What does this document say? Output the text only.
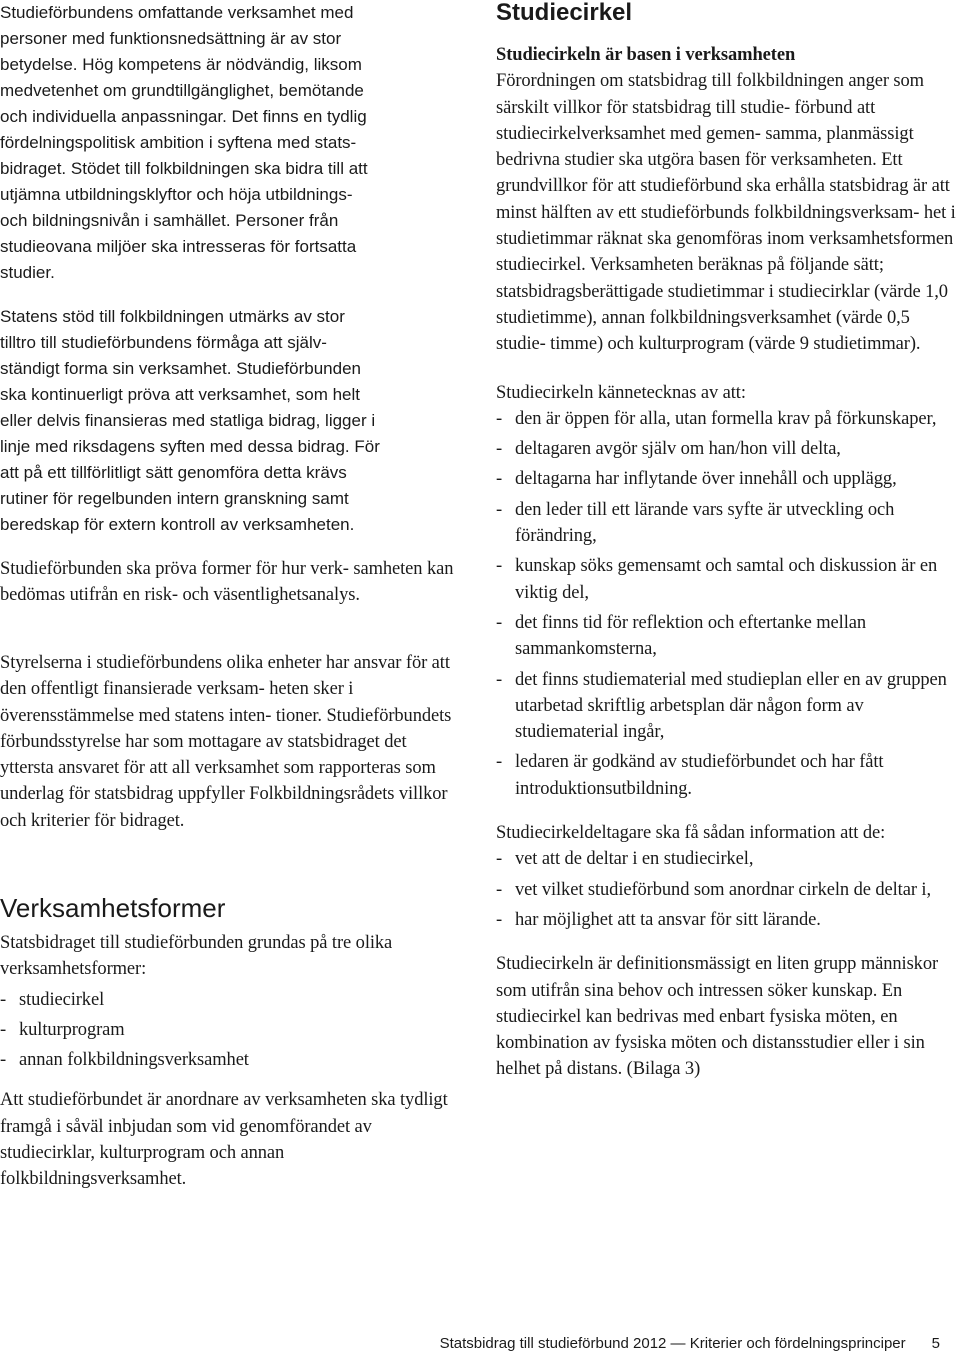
Studieförbundens omfattande verksamhet med
personer med funktionsnedsättning är av stor
betydelse. Hög kompetens är nödvändig, liksom
medvetenhet om grundtillgänglighet, bemötande
och individuella anpassningar. Det finns en tydlig
fördelningspolitisk ambition i syftena med stats-
bidraget. Stödet till folkbildningen ska bidra till att
utjämna utbildningsklyftor och höja utbildnings-
och bildningsnivån i samhället. Personer från
studieovana miljöer ska intresseras för fortsatta
studier.

Statens stöd till folkbildningen utmärks av stor
tilltro till studieförbundens förmåga att själv-
ständigt forma sin verksamhet. Studieförbunden
ska kontinuerligt pröva att verksamhet, som helt
eller delvis finansieras med statliga bidrag, ligger i
linje med riksdagens syften med dessa bidrag. För
att på ett tillförlitligt sätt genomföra detta krävs
rutiner för regelbunden intern granskning samt
beredskap för extern kontroll av verksamheten.

Studieförbunden ska pröva former för hur verk- samheten kan bedömas utifrån en risk- och väsentlighetsanalys.

Styrelserna i studieförbundens olika enheter har ansvar för att den offentligt finansierade verksam- heten sker i överensstämmelse med statens inten- tioner. Studieförbundets förbundsstyrelse har som mottagare av statsbidraget det yttersta ansvaret för att all verksamhet som rapporteras som underlag för statsbidrag uppfyller Folkbildningsrådets villkor och kriterier för bidraget.

Verksamhetsformer

Statsbidraget till studieförbunden grundas på tre olika verksamhetsformer:

- studiecirkel
- kulturprogram
- annan folkbildningsverksamhet

Att studieförbundet är anordnare av verksamheten ska tydligt framgå i såväl inbjudan som vid genomförandet av studiecirklar, kulturprogram och annan folkbildningsverksamhet.

Studiecirkel

Studiecirkeln är basen i verksamheten

Förordningen om statsbidrag till folkbildningen anger som särskilt villkor för statsbidrag till studie- förbund att studiecirkelverksamhet med gemen- samma, planmässigt bedrivna studier ska utgöra basen för verksamheten. Ett grundvillkor för att studieförbund ska erhålla statsbidrag är att minst hälften av ett studieförbunds folkbildningsverksam- het i studietimmar räknat ska genomföras inom verksamhetsformen studiecirkel. Verksamheten beräknas på följande sätt; statsbidragsberättigade studietimmar i studiecirklar (värde 1,0 studietimme), annan folkbildningsverksamhet (värde 0,5 studie- timme) och kulturprogram (värde 9 studietimmar).

Studiecirkeln kännetecknas av att:

- den är öppen för alla, utan formella krav på förkunskaper,
- deltagaren avgör själv om han/hon vill delta,
- deltagarna har inflytande över innehåll och upplägg,
- den leder till ett lärande vars syfte är utveckling och förändring,
- kunskap söks gemensamt och samtal och diskussion är en viktig del,
- det finns tid för reflektion och eftertanke mellan sammankomsterna,
- det finns studiematerial med studieplan eller en av gruppen utarbetad skriftlig arbetsplan där någon form av studiematerial ingår,
- ledaren är godkänd av studieförbundet och har fått introduktionsutbildning.

Studiecirkeldeltagare ska få sådan information att de:

- vet att de deltar i en studiecirkel,
- vet vilket studieförbund som anordnar cirkeln de deltar i,
- har möjlighet att ta ansvar för sitt lärande.

Studiecirkeln är definitionsmässigt en liten grupp människor som utifrån sina behov och intressen söker kunskap. En studiecirkel kan bedrivas med enbart fysiska möten, en kombination av fysiska möten och distansstudier eller i sin helhet på distans. (Bilaga 3)

Statsbidrag till studieförbund 2012 — Kriterier och fördelningsprinciper 5
